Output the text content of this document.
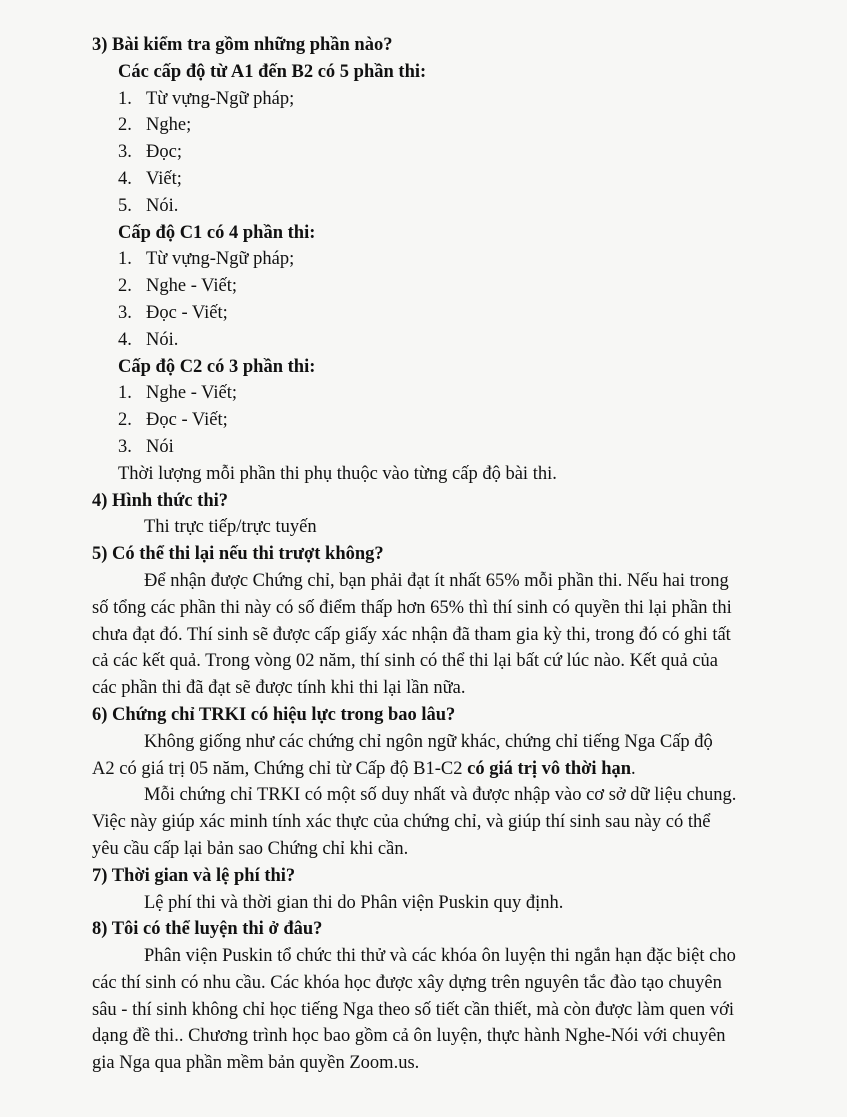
3) Bài kiểm tra gồm những phần nào?

Các cấp độ từ A1 đến B2 có 5 phần thi:

1. Từ vựng-Ngữ pháp;

2. Nghe;

3. Đọc;

4. Viết;

5. Nói.

Cấp độ C1 có 4 phần thi:

1. Từ vựng-Ngữ pháp;

2. Nghe - Viết;

3. Đọc - Viết;

4. Nói.

Cấp độ C2 có 3 phần thi:

1. Nghe - Viết;

2. Đọc - Viết;

3. Nói

Thời lượng mỗi phần thi phụ thuộc vào từng cấp độ bài thi.

4) Hình thức thi?

Thi trực tiếp/trực tuyến

5) Có thể thi lại nếu thi trượt không?

Để nhận được Chứng chỉ, bạn phải đạt ít nhất 65% mỗi phần thi. Nếu hai trong

số tổng các phần thi này có số điểm thấp hơn 65% thì thí sinh có quyền thi lại phần thi

chưa đạt đó. Thí sinh sẽ được cấp giấy xác nhận đã tham gia kỳ thi, trong đó có ghi tất

cả các kết quả. Trong vòng 02 năm, thí sinh có thể thi lại bất cứ lúc nào. Kết quả của

các phần thi đã đạt sẽ được tính khi thi lại lần nữa.

6) Chứng chỉ TRKI có hiệu lực trong bao lâu?

Không giống như các chứng chỉ ngôn ngữ khác, chứng chỉ tiếng Nga Cấp độ

A2 có giá trị 05 năm, Chứng chỉ từ Cấp độ B1-C2 có giá trị vô thời hạn.

Mỗi chứng chỉ TRKI có một số duy nhất và được nhập vào cơ sở dữ liệu chung.

Việc này giúp xác minh tính xác thực của chứng chỉ, và giúp thí sinh sau này có thể

yêu cầu cấp lại bản sao Chứng chỉ khi cần.

7) Thời gian và lệ phí thi?

Lệ phí thi và thời gian thi do Phân viện Puskin quy định.

8) Tôi có thể luyện thi ở đâu?

Phân viện Puskin tổ chức thi thử và các khóa ôn luyện thi ngắn hạn đặc biệt cho

các thí sinh có nhu cầu. Các khóa học được xây dựng trên nguyên tắc đào tạo chuyên

sâu - thí sinh không chỉ học tiếng Nga theo số tiết cần thiết, mà còn được làm quen với

dạng đề thi.. Chương trình học bao gồm cả ôn luyện, thực hành Nghe-Nói với chuyên

gia Nga qua phần mềm bản quyền Zoom.us.
